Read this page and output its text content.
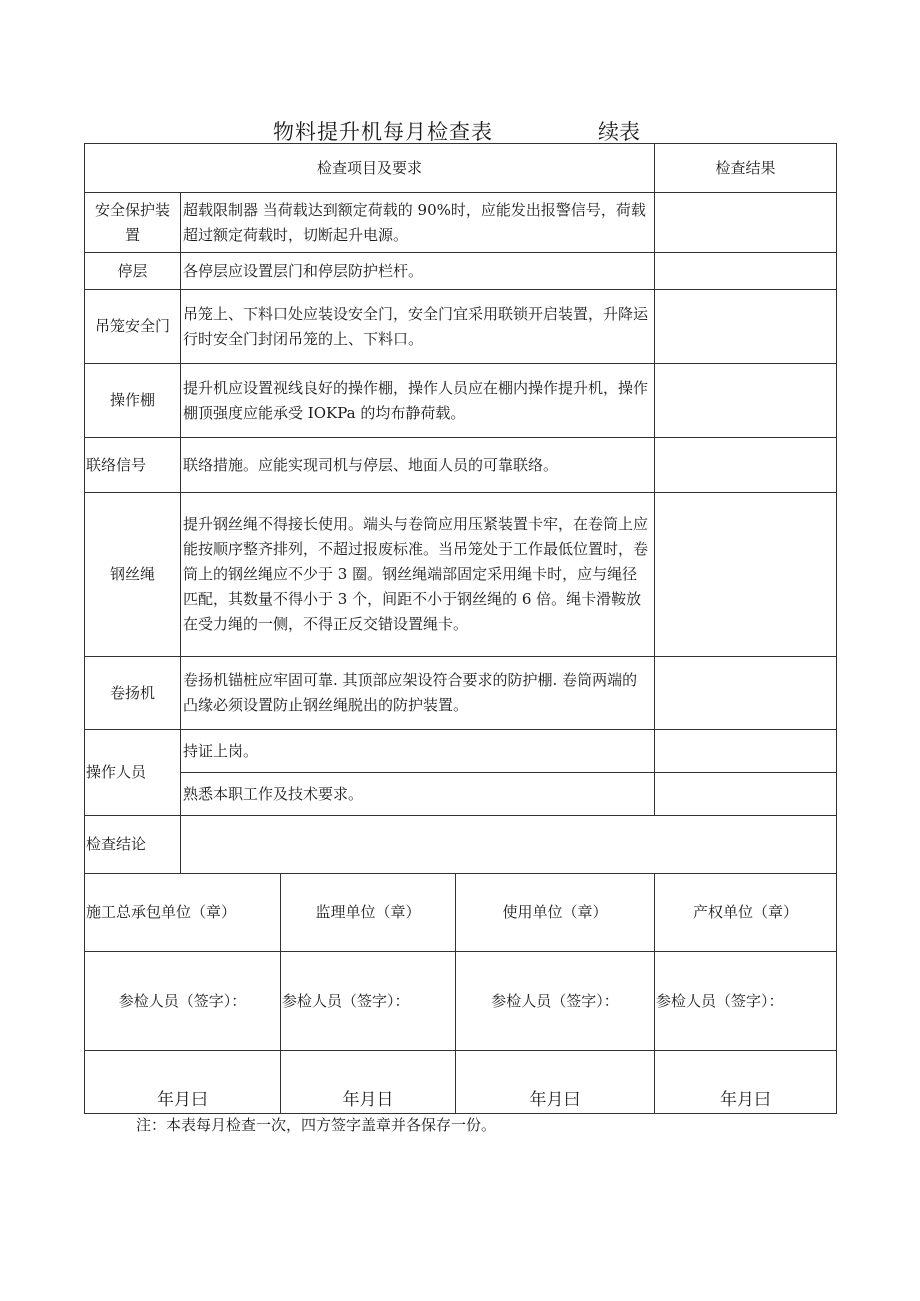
物料提升机每月检查表	续表
检查项目及要求				检查结果
安全保护装置	超载限制器 当荷载达到额定荷载的 90%时，应能发出报警信号，荷载超过额定荷载时，切断起升电源。			
停层	各停层应设置层门和停层防护栏杆。			
吊笼安全门	吊笼上、下料口处应装设安全门，安全门宜采用联锁开启装置，升降运行时安全门封闭吊笼的上、下料口。			
操作棚	提升机应设置视线良好的操作棚，操作人员应在棚内操作提升机，操作棚顶强度应能承受 IOKPa 的均布静荷载。			
联络信号	联络措施。应能实现司机与停层、地面人员的可靠联络。			
钢丝绳	提升钢丝绳不得接长使用。端头与卷筒应用压紧装置卡牢，在卷筒上应能按顺序整齐排列，不超过报废标准。当吊笼处于工作最低位置时，卷筒上的钢丝绳应不少于 3 圈。钢丝绳端部固定采用绳卡时，应与绳径匹配，其数量不得小于 3 个，间距不小于钢丝绳的 6 倍。绳卡滑鞍放在受力绳的一侧，不得正反交错设置绳卡。			
卷扬机	卷扬机锚桩应牢固可靠. 其顶部应架设符合要求的防护棚. 卷筒两端的凸缘必须设置防止钢丝绳脱出的防护装置。			
操作人员	持证上岗。			
	熟悉本职工作及技术要求。			
检查结论				
施工总承包单位（章）		监理单位（章）	使用单位（章）	产权单位（章）
参检人员（签字）：		参检人员（签字）：	参检人员（签字）：	参检人员（签字）：
年月曰		年月日	年月曰	年月曰
注：本表每月检查一次，四方签字盖章并各保存一份。
